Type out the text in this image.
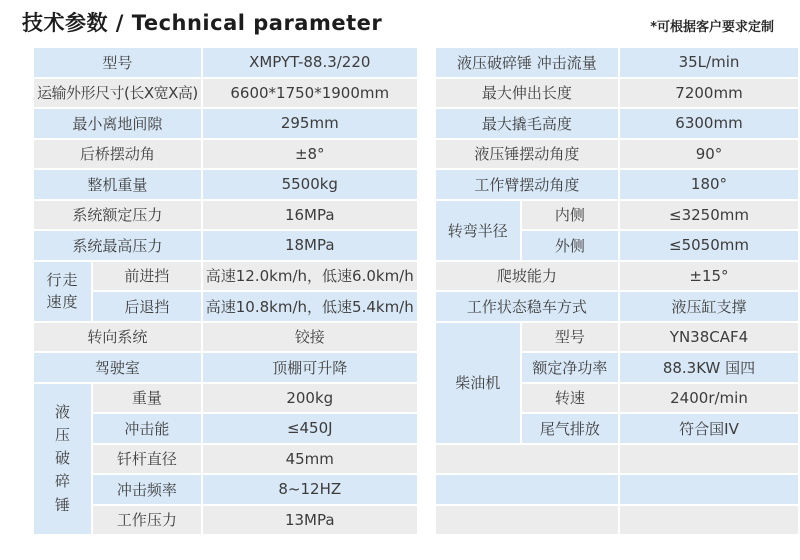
技术参数 / Technical parameter	*可根据客户要求定制
型号		XMPYT-88.3/220
运输外形尺寸(长X宽X高)		6600*1750*1900mm
最小离地间隙		295mm
后桥摆动角		±8°
整机重量		5500kg
系统额定压力		16MPa
系统最高压力		18MPa
行走速度	前进挡	高速12.0km/h，低速6.0km/h
	后退挡	高速10.8km/h，低速5.4km/h
转向系统		铰接
驾驶室		顶棚可升降
液压破碎锤	重量	200kg
	冲击能	≤450J
	钎杆直径	45mm
	冲击频率	8~12HZ
	工作压力	13MPa
液压破碎锤 冲击流量		35L/min
最大伸出长度		7200mm
最大撬毛高度		6300mm
液压锤摆动角度		90°
工作臂摆动角度		180°
转弯半径	内侧	≤3250mm
	外侧	≤5050mm
爬坡能力		±15°
工作状态稳车方式		液压缸支撑
柴油机	型号	YN38CAF4
	额定净功率	88.3KW 国四
	转速	2400r/min
	尾气排放	符合国IV
